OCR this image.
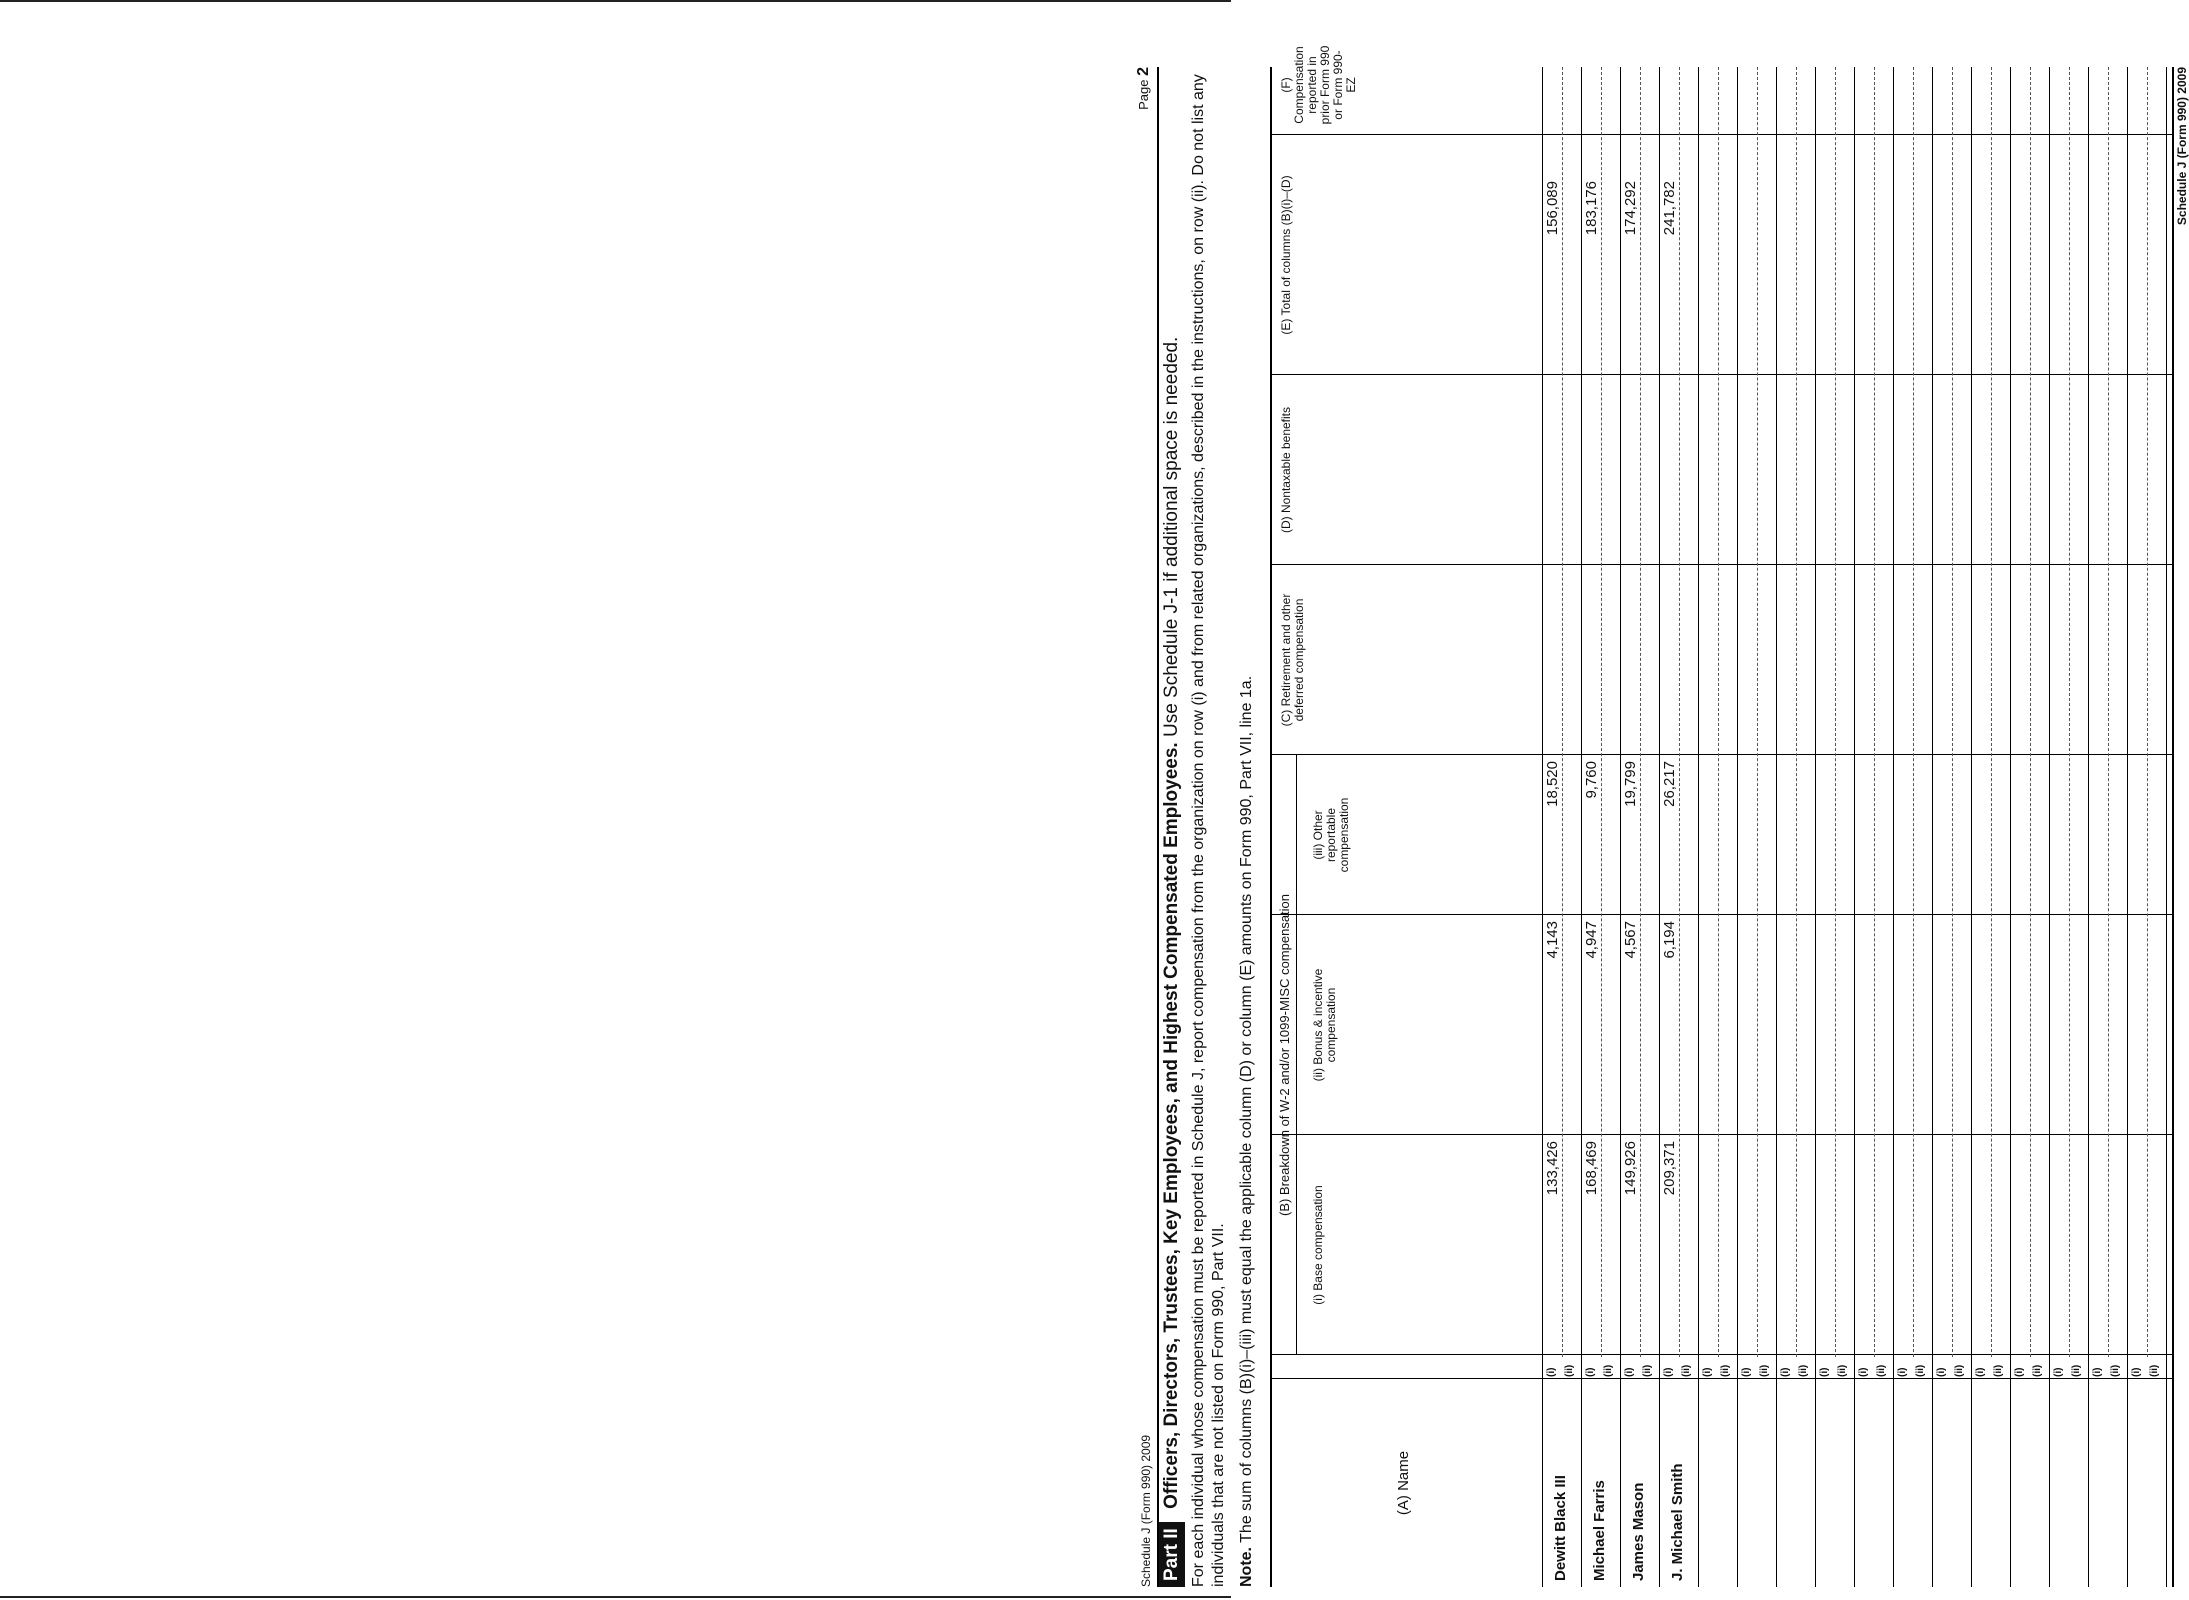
Schedule J (Form 990) 2009
Page 2
Part II Officers, Directors, Trustees, Key Employees, and Highest Compensated Employees. Use Schedule J-1 if additional space is needed. For each individual whose compensation must be reported in Schedule J, report compensation from the organization on row (i) and from related organizations, described in the instructions, on row (ii). Do not list any individuals that are not listed on Form 990, Part VII. Note. The sum of columns (B)(i)–(iii) must equal the applicable column (D) or column (E) amounts on Form 990, Part VII, line 1a.	(A) Name
(B) Breakdown of W-2 and/or 1099-MISC compensation
(i) Base compensation
(ii) Bonus & incentive compensation
(iii) Other reportable compensation
(C) Retirement and other deferred compensation
(D) Nontaxable benefits
(E) Total of columns (B)(i)–(D)
(F) Compensation reported in prior Form 990 or Form 990-EZ
Dewitt Black III
(i) (ii)
133,426
4,143
18,520
156,089
Michael Farris
(i) (ii)
168,469
4,947
9,760
183,176
James Mason
(i) (ii)
149,926
4,567
19,799
174,292
J. Michael Smith
(i) (ii)
209,371
6,194
26,217
241,782
(i) (ii) (i) (ii) (i) (ii) (i) (ii) (i) (ii) (i) (ii) (i) (ii) (i) (ii) (i) (ii) (i) (ii) (i) (ii) (i) (ii)
Schedule J (Form 990) 2009
